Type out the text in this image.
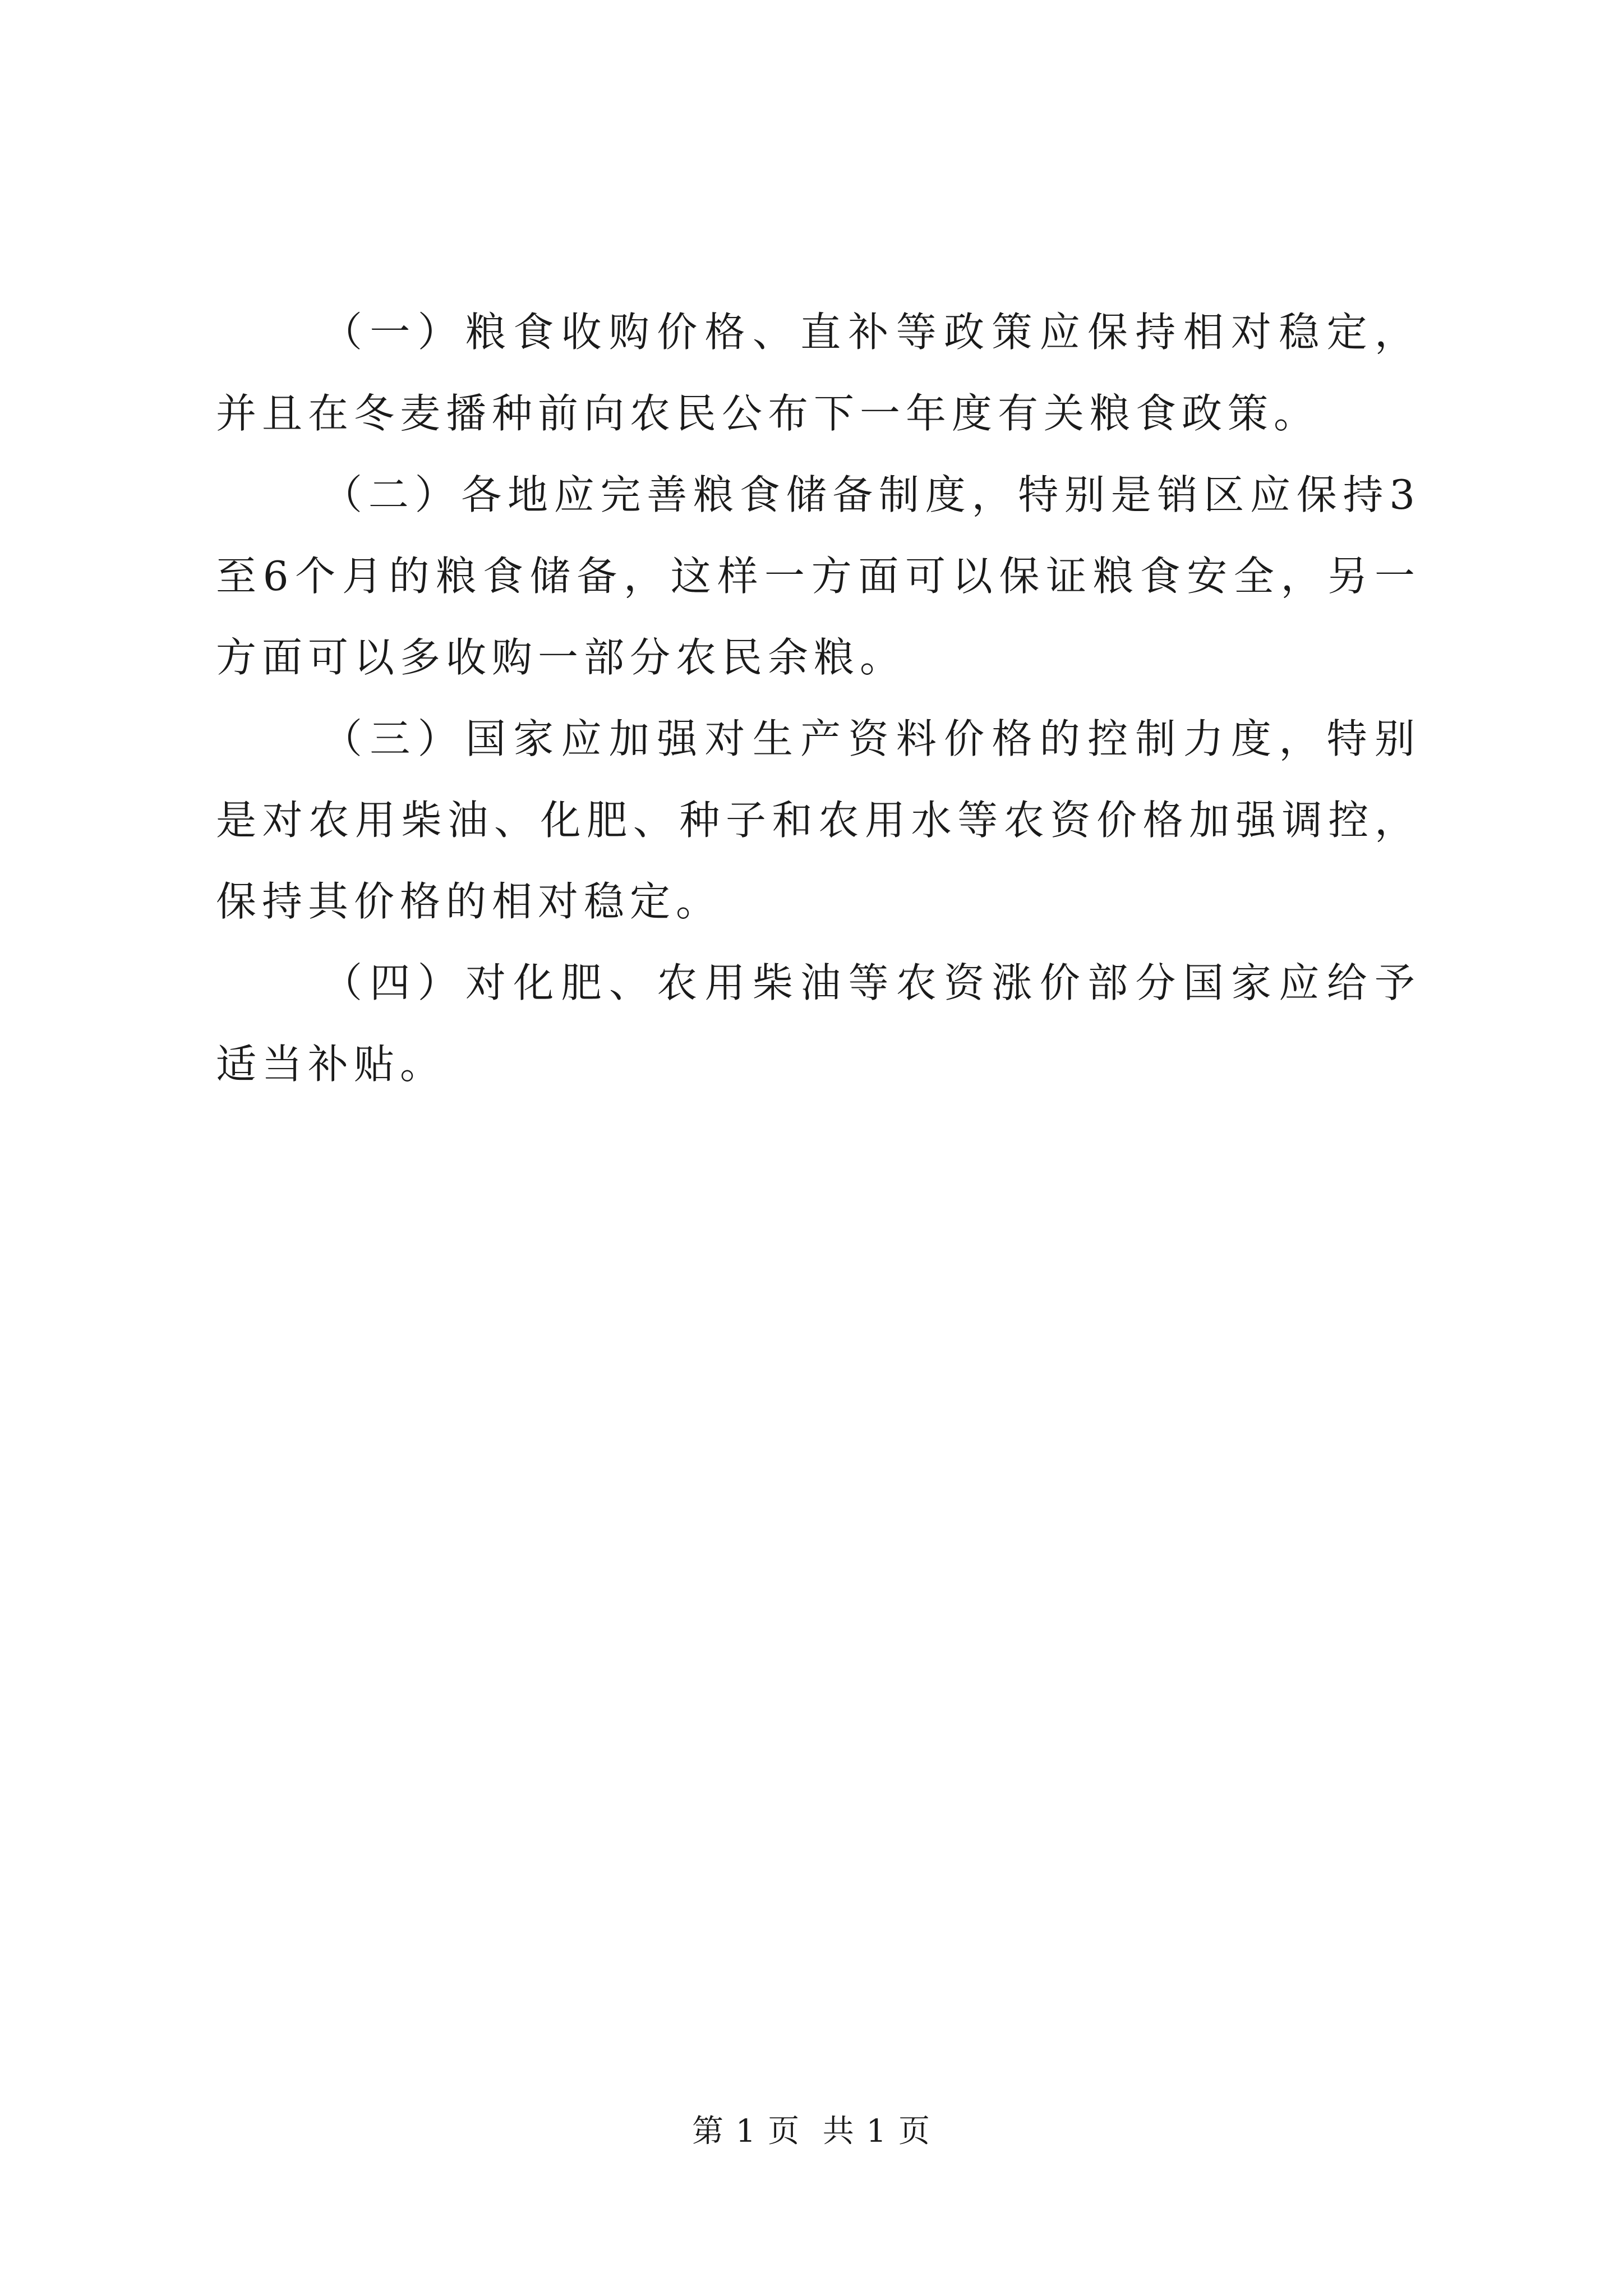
（一）粮食收购价格、直补等政策应保持相对稳定，并且在冬麦播种前向农民公布下一年度有关粮食政策。

（二）各地应完善粮食储备制度，特别是销区应保持3至6个月的粮食储备，这样一方面可以保证粮食安全，另一方面可以多收购一部分农民余粮。

（三）国家应加强对生产资料价格的控制力度，特别是对农用柴油、化肥、种子和农用水等农资价格加强调控，保持其价格的相对稳定。

（四）对化肥、农用柴油等农资涨价部分国家应给予适当补贴。

第 1 页  共 1 页
